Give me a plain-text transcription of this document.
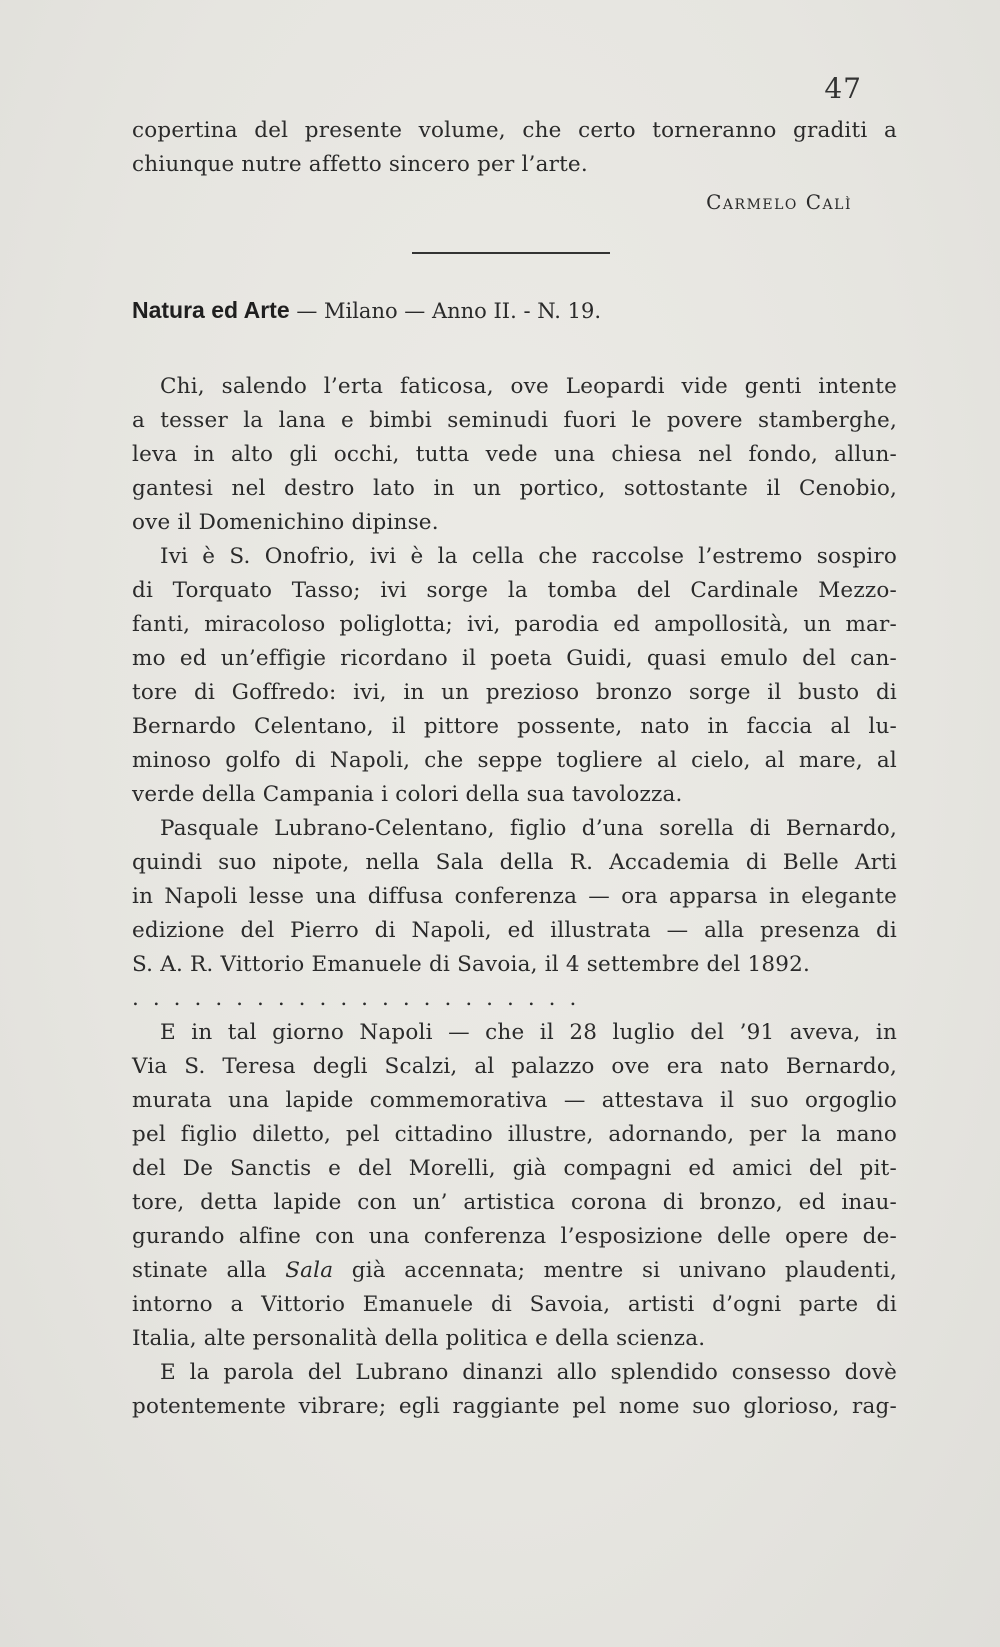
47
copertina del presente volume, che certo torneranno graditi a
chiunque nutre affetto sincero per l’arte.
Carmelo Calì
Natura ed Arte — Milano — Anno II. - N. 19.
Chi, salendo l’erta faticosa, ove Leopardi vide genti intente
a tesser la lana e bimbi seminudi fuori le povere stamberghe,
leva in alto gli occhi, tutta vede una chiesa nel fondo, allun-
gantesi nel destro lato in un portico, sottostante il Cenobio,
ove il Domenichino dipinse.
Ivi è S. Onofrio, ivi è la cella che raccolse l’estremo sospiro
di Torquato Tasso; ivi sorge la tomba del Cardinale Mezzo-
fanti, miracoloso poliglotta; ivi, parodia ed ampollosità, un mar-
mo ed un’effigie ricordano il poeta Guidi, quasi emulo del can-
tore di Goffredo: ivi, in un prezioso bronzo sorge il busto di
Bernardo Celentano, il pittore possente, nato in faccia al lu-
minoso golfo di Napoli, che seppe togliere al cielo, al mare, al
verde della Campania i colori della sua tavolozza.
Pasquale Lubrano-Celentano, figlio d’una sorella di Bernardo,
quindi suo nipote, nella Sala della R. Accademia di Belle Arti
in Napoli lesse una diffusa conferenza — ora apparsa in elegante
edizione del Pierro di Napoli, ed illustrata — alla presenza di
S. A. R. Vittorio Emanuele di Savoia, il 4 settembre del 1892.
......................
E in tal giorno Napoli — che il 28 luglio del ’91 aveva, in
Via S. Teresa degli Scalzi, al palazzo ove era nato Bernardo,
murata una lapide commemorativa — attestava il suo orgoglio
pel figlio diletto, pel cittadino illustre, adornando, per la mano
del De Sanctis e del Morelli, già compagni ed amici del pit-
tore, detta lapide con un’ artistica corona di bronzo, ed inau-
gurando alfine con una conferenza l’esposizione delle opere de-
stinate alla Sala già accennata; mentre si univano plaudenti,
intorno a Vittorio Emanuele di Savoia, artisti d’ogni parte di
Italia, alte personalità della politica e della scienza.
E la parola del Lubrano dinanzi allo splendido consesso dovè
potentemente vibrare; egli raggiante pel nome suo glorioso, rag-
